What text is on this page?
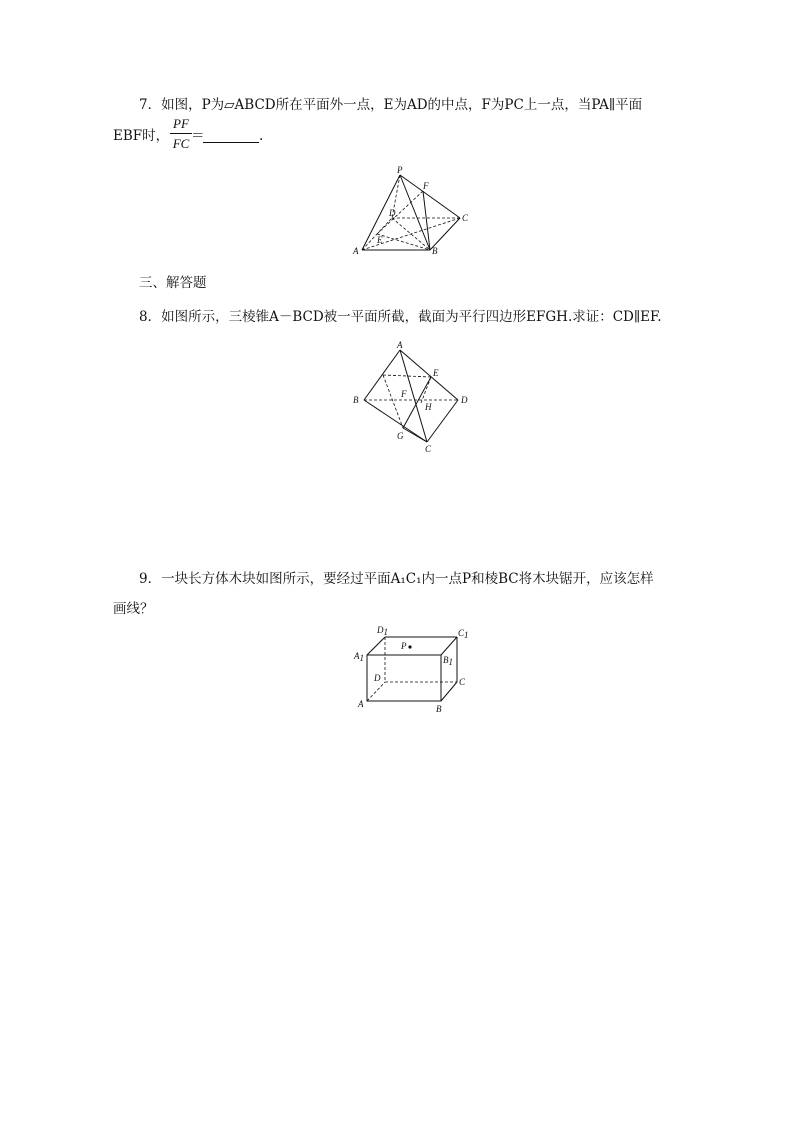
7．如图，P为▱ABCD所在平面外一点，E为AD的中点，F为PC上一点，当PA∥平面
EBF时，
PF
FC ＝	.
P
F
D	C
E
A	B
三、解答题
8．如图所示，三棱锥A－BCD被一平面所截，截面为平行四边形EFGH.求证：CD∥EF.
A
E
B
F
H
D
G
C
9．一块长方体木块如图所示，要经过平面A₁C₁内一点P和棱BC将木块锯开，应该怎样
画线？
P
D1	C1
A1	B1
D	C
A	B
